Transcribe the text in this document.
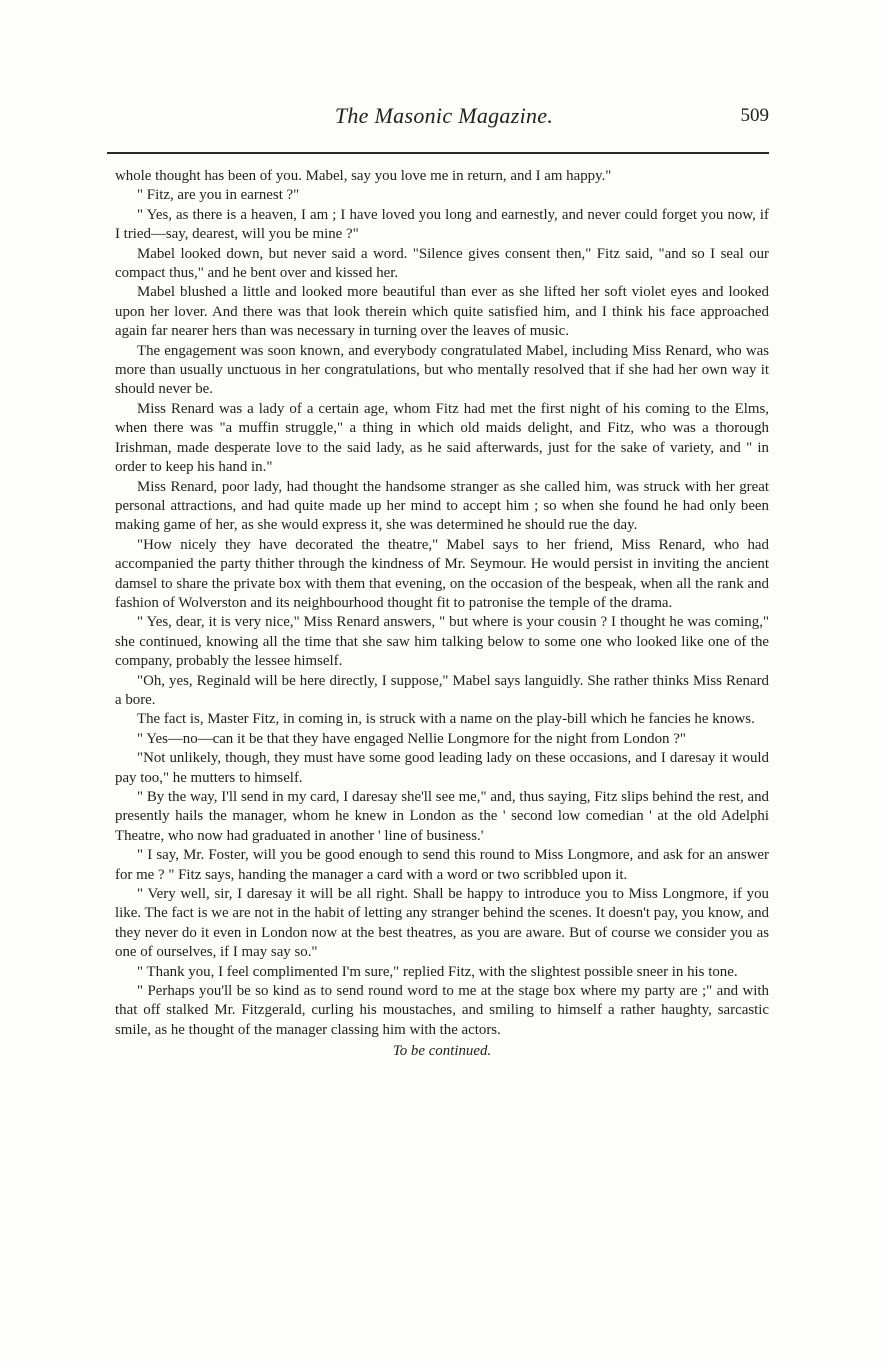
The Masonic Magazine.	509

whole thought has been of you. Mabel, say you love me in return, and I am happy."

" Fitz, are you in earnest ?"

" Yes, as there is a heaven, I am ; I have loved you long and earnestly, and never could forget you now, if I tried—say, dearest, will you be mine ?"

Mabel looked down, but never said a word. "Silence gives consent then," Fitz said, "and so I seal our compact thus," and he bent over and kissed her.

Mabel blushed a little and looked more beautiful than ever as she lifted her soft violet eyes and looked upon her lover. And there was that look therein which quite satisfied him, and I think his face approached again far nearer hers than was necessary in turning over the leaves of music.

The engagement was soon known, and everybody congratulated Mabel, including Miss Renard, who was more than usually unctuous in her congratulations, but who mentally resolved that if she had her own way it should never be.

Miss Renard was a lady of a certain age, whom Fitz had met the first night of his coming to the Elms, when there was "a muffin struggle," a thing in which old maids delight, and Fitz, who was a thorough Irishman, made desperate love to the said lady, as he said afterwards, just for the sake of variety, and " in order to keep his hand in."

Miss Renard, poor lady, had thought the handsome stranger as she called him, was struck with her great personal attractions, and had quite made up her mind to accept him ; so when she found he had only been making game of her, as she would express it, she was determined he should rue the day.

"How nicely they have decorated the theatre," Mabel says to her friend, Miss Renard, who had accompanied the party thither through the kindness of Mr. Seymour. He would persist in inviting the ancient damsel to share the private box with them that evening, on the occasion of the bespeak, when all the rank and fashion of Wolverston and its neighbourhood thought fit to patronise the temple of the drama.

" Yes, dear, it is very nice," Miss Renard answers, " but where is your cousin ? I thought he was coming," she continued, knowing all the time that she saw him talking below to some one who looked like one of the company, probably the lessee himself.

"Oh, yes, Reginald will be here directly, I suppose," Mabel says languidly. She rather thinks Miss Renard a bore.

The fact is, Master Fitz, in coming in, is struck with a name on the play-bill which he fancies he knows.

" Yes—no—can it be that they have engaged Nellie Longmore for the night from London ?"

"Not unlikely, though, they must have some good leading lady on these occasions, and I daresay it would pay too," he mutters to himself.

" By the way, I'll send in my card, I daresay she'll see me," and, thus saying, Fitz slips behind the rest, and presently hails the manager, whom he knew in London as the ' second low comedian ' at the old Adelphi Theatre, who now had graduated in another ' line of business.'

" I say, Mr. Foster, will you be good enough to send this round to Miss Longmore, and ask for an answer for me ? " Fitz says, handing the manager a card with a word or two scribbled upon it.

" Very well, sir, I daresay it will be all right. Shall be happy to introduce you to Miss Longmore, if you like. The fact is we are not in the habit of letting any stranger behind the scenes. It doesn't pay, you know, and they never do it even in London now at the best theatres, as you are aware. But of course we consider you as one of ourselves, if I may say so."

" Thank you, I feel complimented I'm sure," replied Fitz, with the slightest possible sneer in his tone.

" Perhaps you'll be so kind as to send round word to me at the stage box where my party are ;" and with that off stalked Mr. Fitzgerald, curling his moustaches, and smiling to himself a rather haughty, sarcastic smile, as he thought of the manager classing him with the actors.

To be continued.
